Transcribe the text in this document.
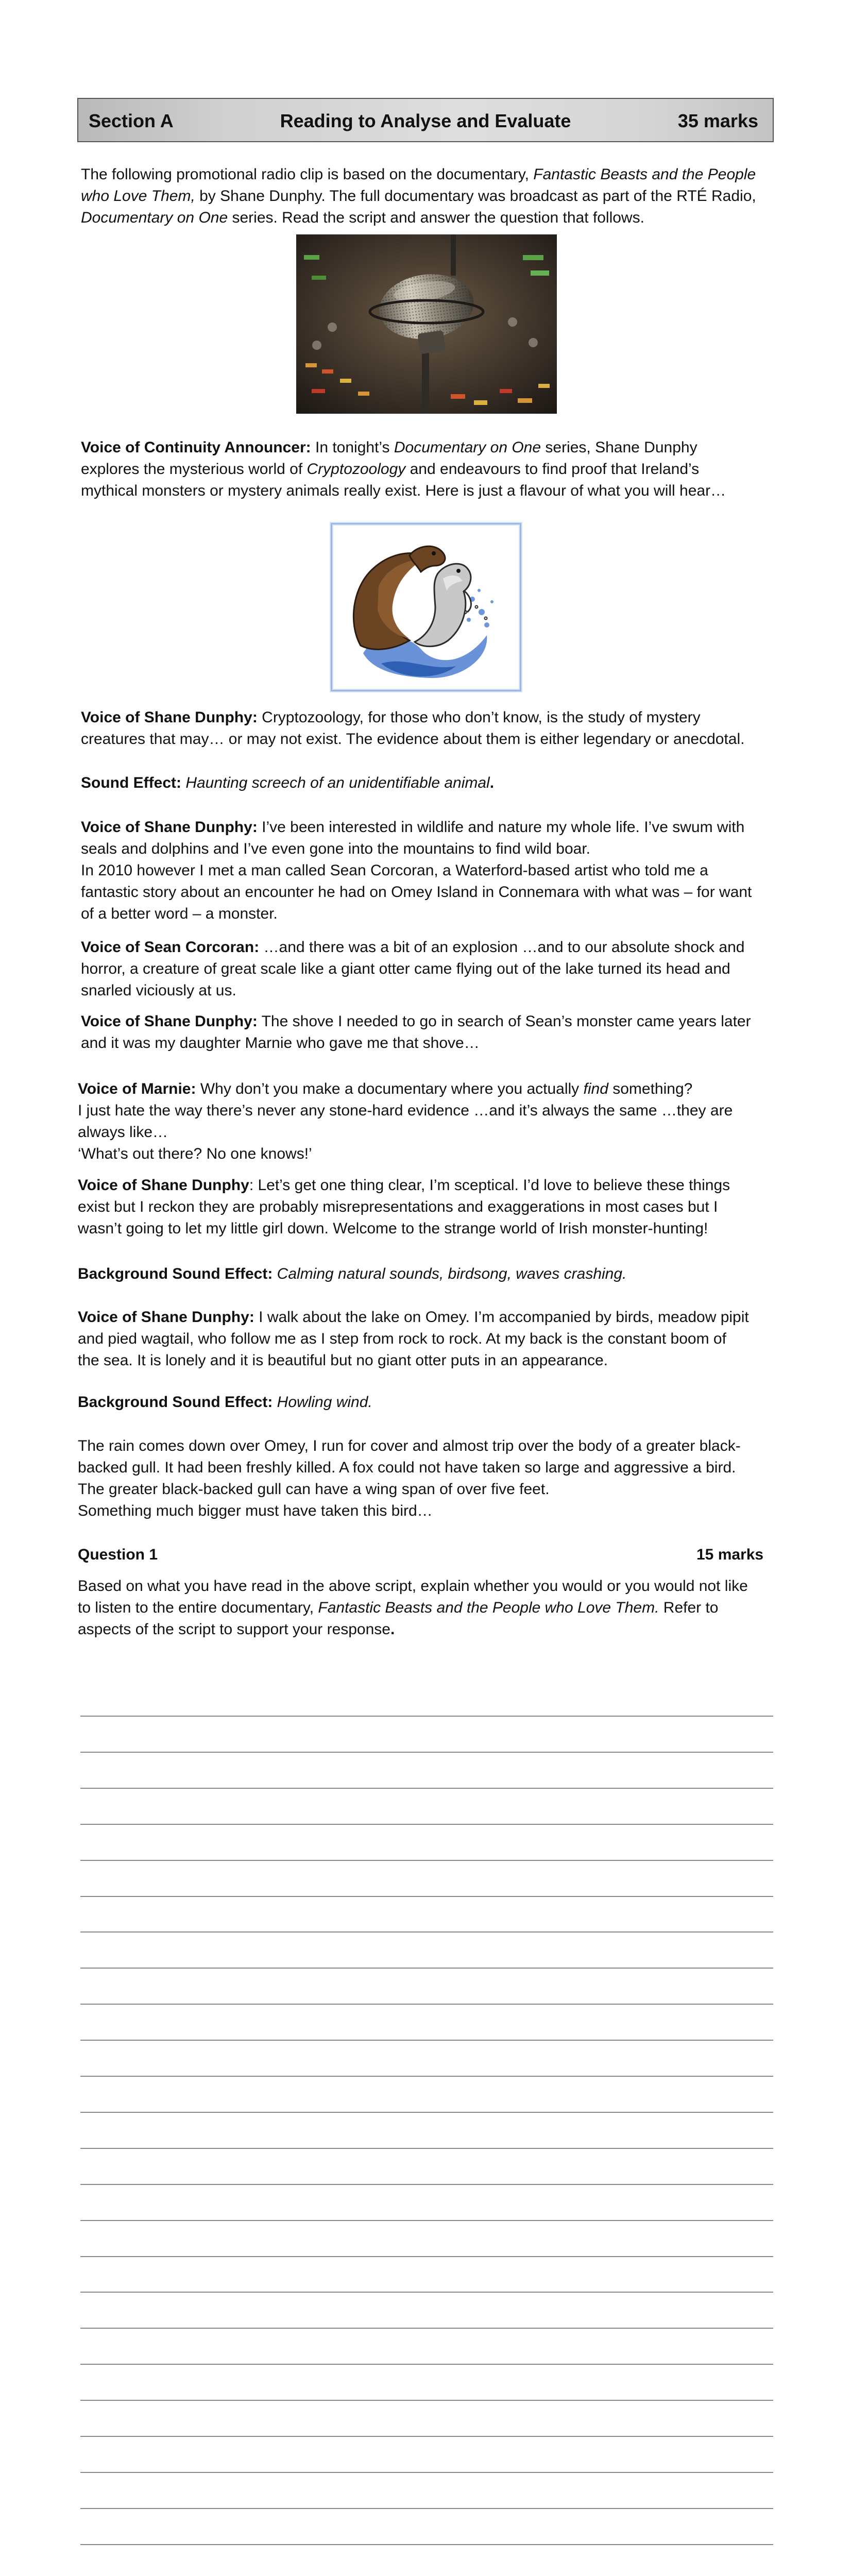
Section A	Reading to Analyse and Evaluate	35 marks
The following promotional radio clip is based on the documentary, Fantastic Beasts and the People
who Love Them, by Shane Dunphy. The full documentary was broadcast as part of the RTÉ Radio,
Documentary on One series. Read the script and answer the question that follows.
Voice of Continuity Announcer: In tonight’s Documentary on One series, Shane Dunphy
explores the mysterious world of Cryptozoology and endeavours to find proof that Ireland’s
mythical monsters or mystery animals really exist. Here is just a flavour of what you will hear…
Voice of Shane Dunphy: Cryptozoology, for those who don’t know, is the study of mystery
creatures that may… or may not exist. The evidence about them is either legendary or anecdotal.
Sound Effect: Haunting screech of an unidentifiable animal.
Voice of Shane Dunphy: I’ve been interested in wildlife and nature my whole life. I’ve swum with
seals and dolphins and I’ve even gone into the mountains to find wild boar.
In 2010 however I met a man called Sean Corcoran, a Waterford-based artist who told me a
fantastic story about an encounter he had on Omey Island in Connemara with what was – for want
of a better word – a monster.
Voice of Sean Corcoran: …and there was a bit of an explosion …and to our absolute shock and
horror, a creature of great scale like a giant otter came flying out of the lake turned its head and
snarled viciously at us.
Voice of Shane Dunphy: The shove I needed to go in search of Sean’s monster came years later
and it was my daughter Marnie who gave me that shove…
Voice of Marnie: Why don’t you make a documentary where you actually find something?
I just hate the way there’s never any stone-hard evidence …and it’s always the same …they are
always like…
‘What’s out there? No one knows!’
Voice of Shane Dunphy: Let’s get one thing clear, I’m sceptical. I’d love to believe these things
exist but I reckon they are probably misrepresentations and exaggerations in most cases but I
wasn’t going to let my little girl down. Welcome to the strange world of Irish monster-hunting!
Background Sound Effect: Calming natural sounds, birdsong, waves crashing.
Voice of Shane Dunphy: I walk about the lake on Omey. I’m accompanied by birds, meadow pipit
and pied wagtail, who follow me as I step from rock to rock. At my back is the constant boom of
the sea. It is lonely and it is beautiful but no giant otter puts in an appearance.
Background Sound Effect: Howling wind.
The rain comes down over Omey, I run for cover and almost trip over the body of a greater black-
backed gull. It had been freshly killed. A fox could not have taken so large and aggressive a bird.
The greater black-backed gull can have a wing span of over five feet.
Something much bigger must have taken this bird…
Question 1	15 marks
Based on what you have read in the above script, explain whether you would or you would not like
to listen to the entire documentary, Fantastic Beasts and the People who Love Them. Refer to
aspects of the script to support your response.
